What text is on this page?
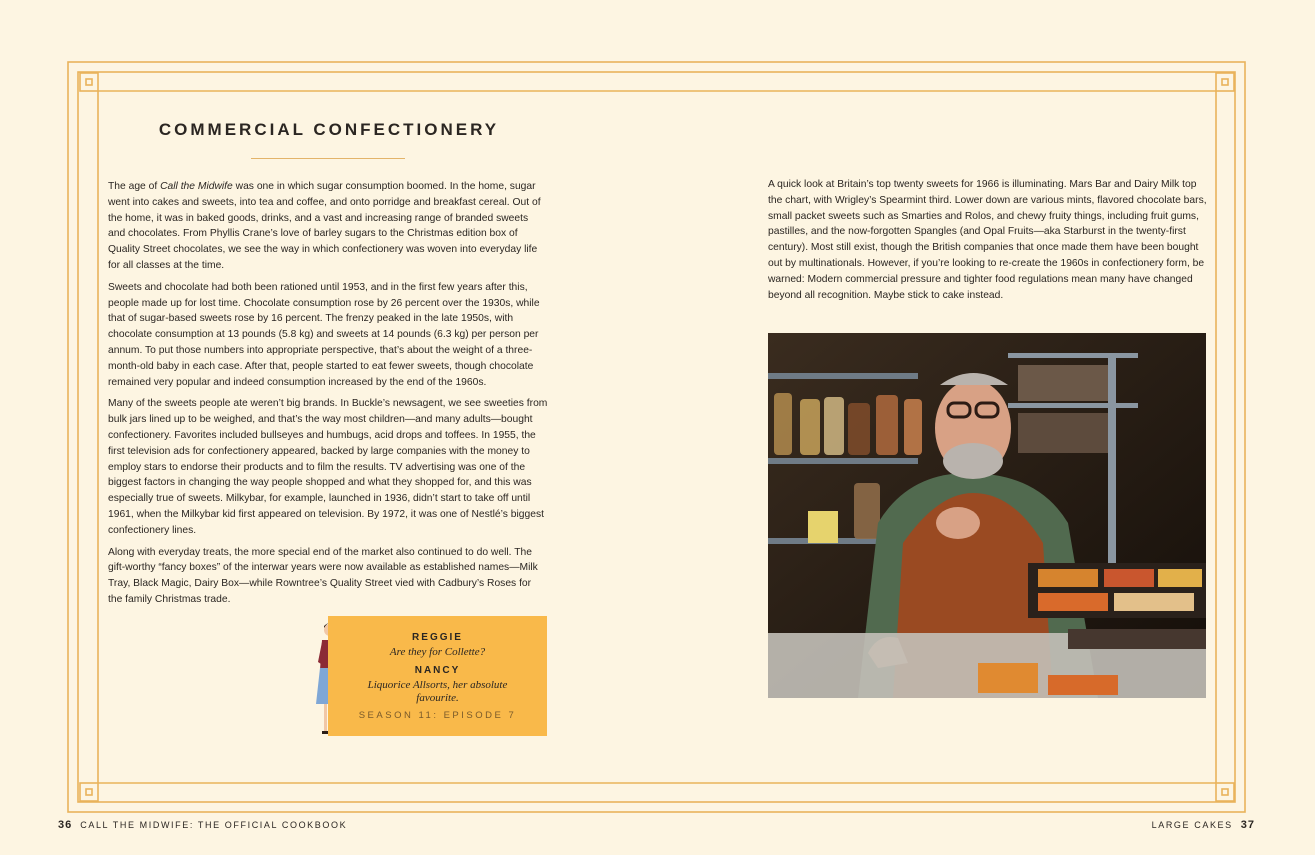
COMMERCIAL CONFECTIONERY

The age of Call the Midwife was one in which sugar consumption boomed. In the home, sugar went into cakes and sweets, into tea and coffee, and onto porridge and breakfast cereal. Out of the home, it was in baked goods, drinks, and a vast and increasing range of branded sweets and chocolates. From Phyllis Crane’s love of barley sugars to the Christmas edition box of Quality Street chocolates, we see the way in which confectionery was woven into everyday life for all classes at the time.

Sweets and chocolate had both been rationed until 1953, and in the first few years after this, people made up for lost time. Chocolate consumption rose by 26 percent over the 1930s, while that of sugar-based sweets rose by 16 percent. The frenzy peaked in the late 1950s, with chocolate consumption at 13 pounds (5.8 kg) and sweets at 14 pounds (6.3 kg) per person per annum. To put those numbers into appropriate perspective, that’s about the weight of a three-month-old baby in each case. After that, people started to eat fewer sweets, though chocolate remained very popular and indeed consumption increased by the end of the 1960s.

Many of the sweets people ate weren’t big brands. In Buckle’s newsagent, we see sweeties from bulk jars lined up to be weighed, and that’s the way most children—and many adults—bought confectionery. Favorites included bullseyes and humbugs, acid drops and toffees. In 1955, the first television ads for confectionery appeared, backed by large companies with the money to employ stars to endorse their products and to film the results. TV advertising was one of the biggest factors in changing the way people shopped and what they shopped for, and this was especially true of sweets. Milkybar, for example, launched in 1936, didn’t start to take off until 1961, when the Milkybar kid first appeared on television. By 1972, it was one of Nestlé’s biggest confectionery lines.

Along with everyday treats, the more special end of the market also continued to do well. The gift-worthy “fancy boxes” of the interwar years were now available as established names—Milk Tray, Black Magic, Dairy Box—while Rowntree’s Quality Street vied with Cadbury’s Roses for the family Christmas trade.

REGGIE
Are they for Collette?
NANCY
Liquorice Allsorts, her absolute favourite.
SEASON 11: EPISODE 7

A quick look at Britain’s top twenty sweets for 1966 is illuminating. Mars Bar and Dairy Milk top the chart, with Wrigley’s Spearmint third. Lower down are various mints, flavored chocolate bars, small packet sweets such as Smarties and Rolos, and chewy fruity things, including fruit gums, pastilles, and the now-forgotten Spangles (and Opal Fruits—aka Starburst in the twenty-first century). Most still exist, though the British companies that once made them have been bought out by multinationals. However, if you’re looking to re-create the 1960s in confectionery form, be warned: Modern commercial pressure and tighter food regulations mean many have changed beyond all recognition. Maybe stick to cake instead.

36 CALL THE MIDWIFE: THE OFFICIAL COOKBOOK	LARGE CAKES 37
